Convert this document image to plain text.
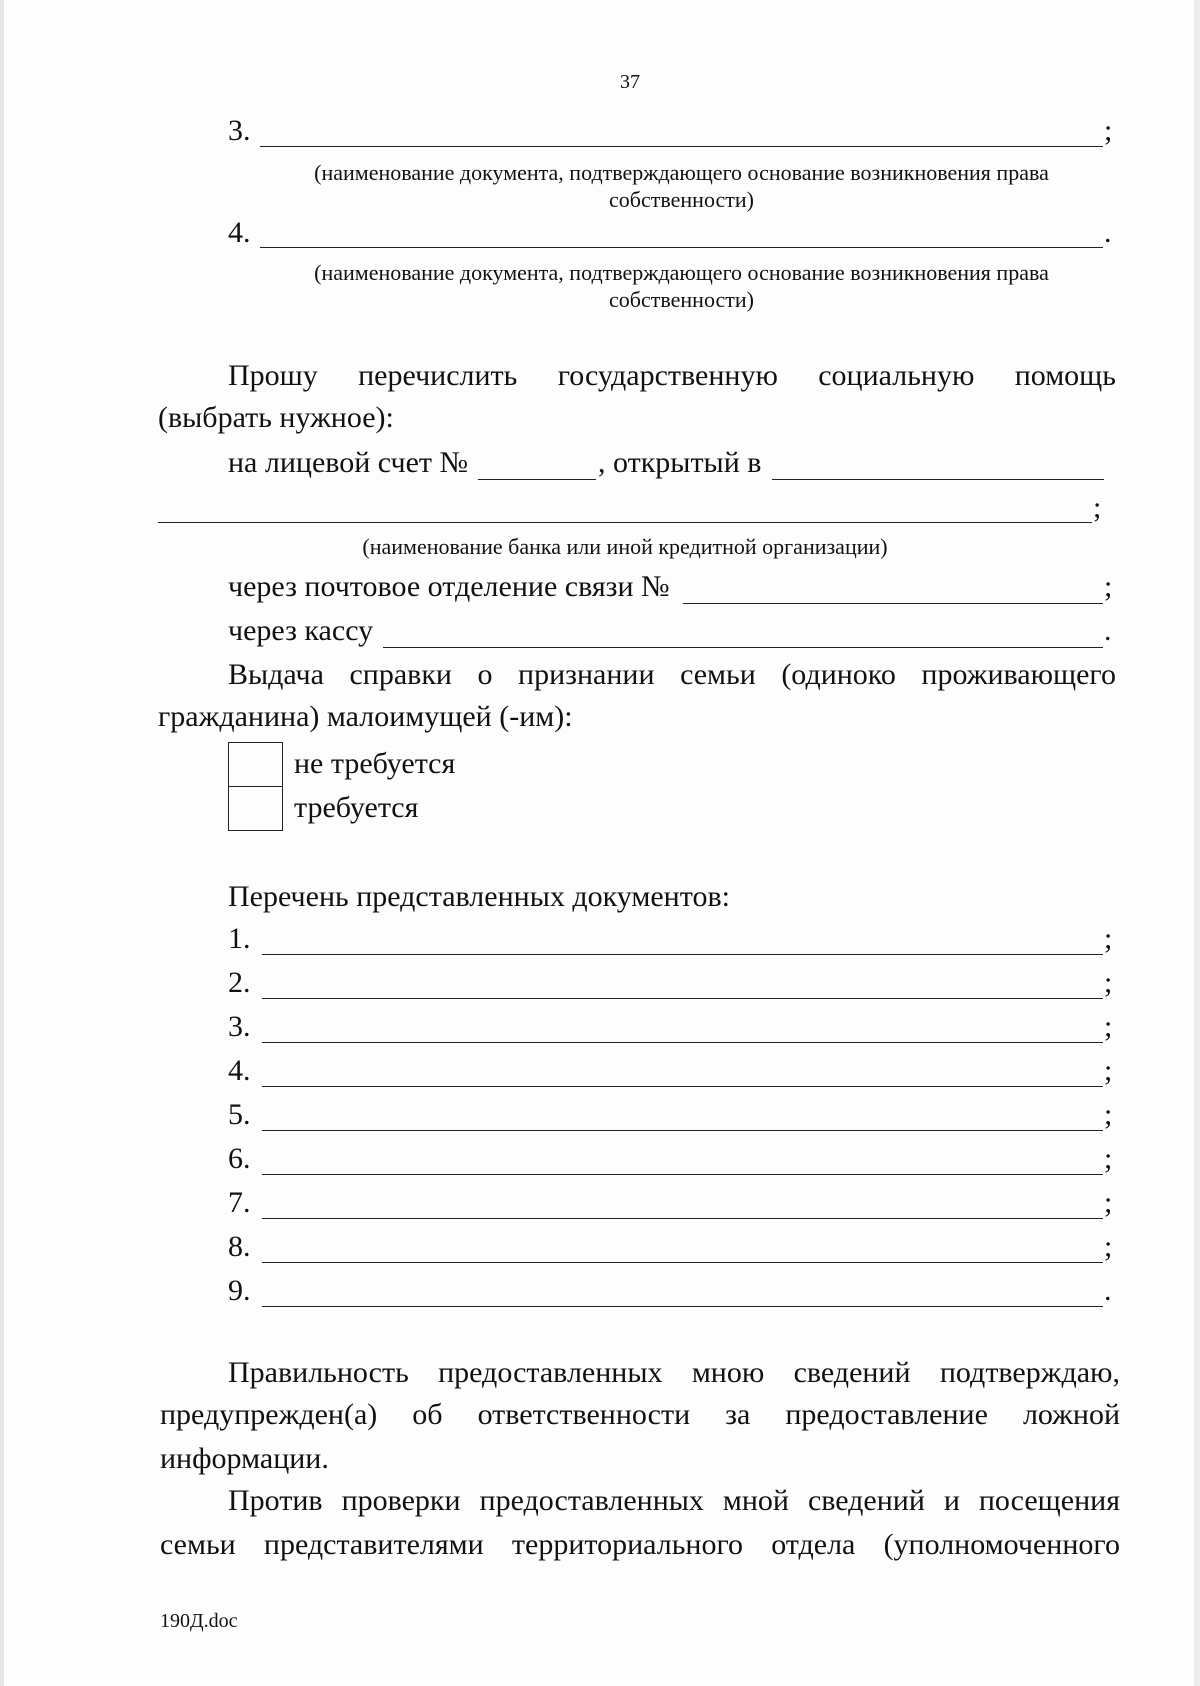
37
3.	;
(наименование документа, подтверждающего основание возникновения права
собственности)
4.	.
(наименование документа, подтверждающего основание возникновения права
собственности)
Прошу перечислить государственную социальную помощь
(выбрать нужное):
на лицевой счет №	, открытый в
;
(наименование банка или иной кредитной организации)
через почтовое отделение связи №	;
через кассу	.
Выдача справки о признании семьи (одиноко проживающего
гражданина) малоимущей (-им):
не требуется
требуется
Перечень представленных документов:
1.	;
2.	;
3.	;
4.	;
5.	;
6.	;
7.	;
8.	;
9.	.
Правильность предоставленных мною сведений подтверждаю,
предупрежден(а) об ответственности за предоставление ложной
информации.
Против проверки предоставленных мной сведений и посещения
семьи представителями территориального отдела (уполномоченного
190Д.doc
